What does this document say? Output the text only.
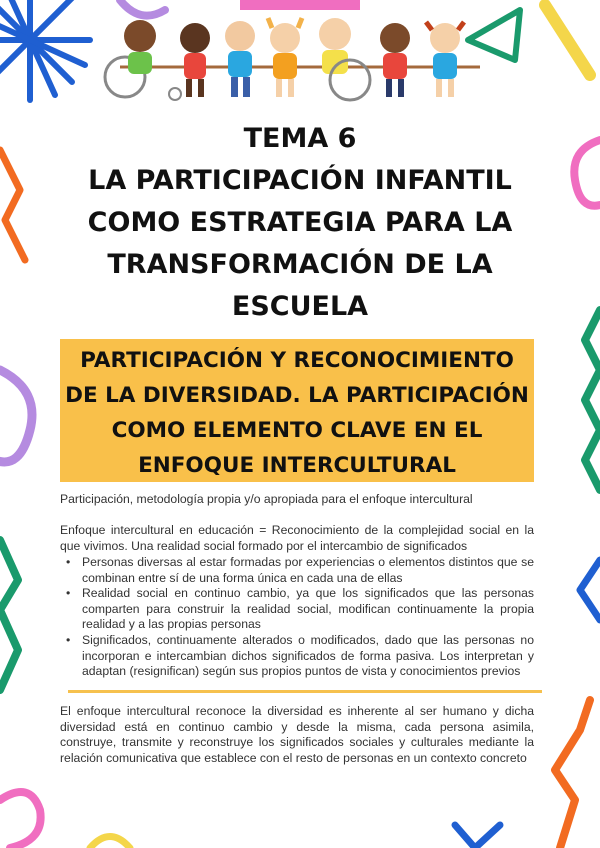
TEMA 6
LA PARTICIPACIÓN INFANTIL
COMO ESTRATEGIA PARA LA
TRANSFORMACIÓN DE LA
ESCUELA
PARTICIPACIÓN Y RECONOCIMIENTO
DE LA DIVERSIDAD. LA PARTICIPACIÓN
COMO ELEMENTO CLAVE EN EL
ENFOQUE INTERCULTURAL
Participación, metodología propia y/o apropiada para el enfoque intercultural
Enfoque intercultural en educación = Reconocimiento de la complejidad social en la que vivimos. Una realidad social formado por el intercambio de significados
• Personas diversas al estar formadas por experiencias o elementos distintos que se combinan entre sí de una forma única en cada una de ellas
• Realidad social en continuo cambio, ya que los significados que las personas comparten para construir la realidad social, modifican continuamente la propia realidad y a las propias personas
• Significados, continuamente alterados o modificados, dado que las personas no incorporan e intercambian dichos significados de forma pasiva. Los interpretan y adaptan (resignifican) según sus propios puntos de vista y conocimientos previos
El enfoque intercultural reconoce la diversidad es inherente al ser humano y dicha diversidad está en continuo cambio y desde la misma, cada persona asimila, construye, transmite y reconstruye los significados sociales y culturales mediante la relación comunicativa que establece con el resto de personas en un contexto concreto
